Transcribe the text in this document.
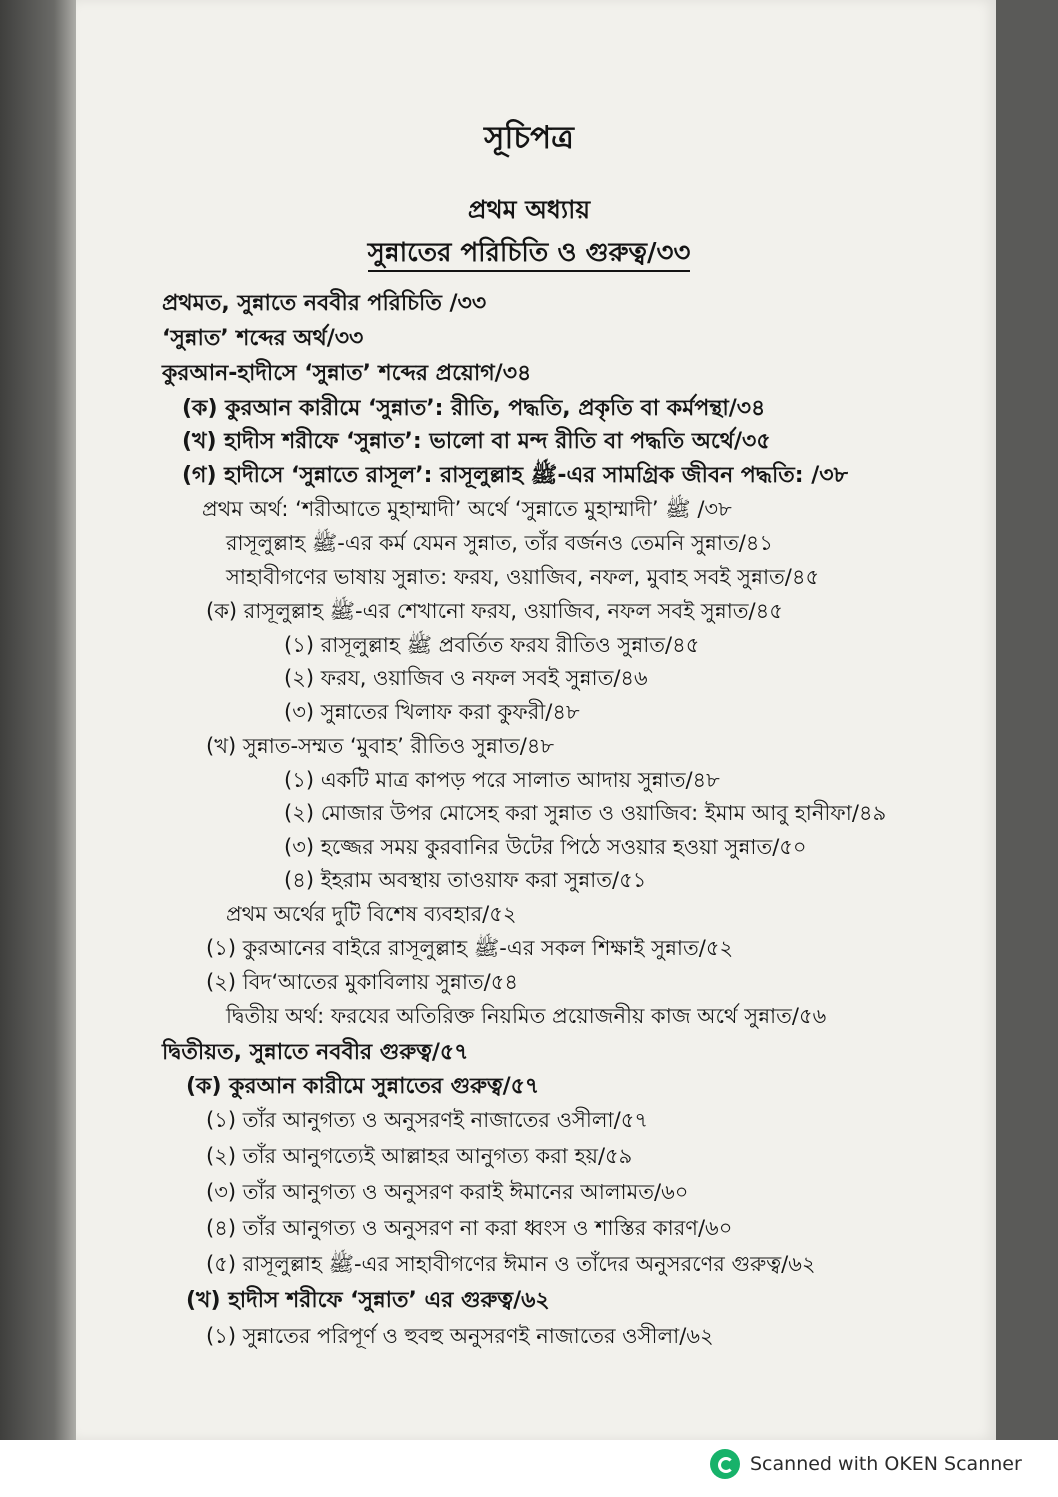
সূচিপত্র
প্রথম অধ্যায়
সুন্নাতের পরিচিতি ও গুরুত্ব/৩৩
প্রথমত, সুন্নাতে নববীর পরিচিতি /৩৩
‘সুন্নাত’ শব্দের অর্থ/৩৩
কুরআন-হাদীসে ‘সুন্নাত’ শব্দের প্রয়োগ/৩৪
(ক) কুরআন কারীমে ‘সুন্নাত’: রীতি, পদ্ধতি, প্রকৃতি বা কর্মপন্থা/৩৪
(খ) হাদীস শরীফে ‘সুন্নাত’: ভালো বা মন্দ রীতি বা পদ্ধতি অর্থে/৩৫
(গ) হাদীসে ‘সুন্নাতে রাসূল’: রাসূলুল্লাহ ﷺ-এর সামগ্রিক জীবন পদ্ধতি: /৩৮
প্রথম অর্থ: ‘শরীআতে মুহাম্মাদী’ অর্থে ‘সুন্নাতে মুহাম্মাদী’ ﷺ /৩৮
রাসূলুল্লাহ ﷺ-এর কর্ম যেমন সুন্নাত, তাঁর বর্জনও তেমনি সুন্নাত/৪১
সাহাবীগণের ভাষায় সুন্নাত: ফরয, ওয়াজিব, নফল, মুবাহ সবই সুন্নাত/৪৫
(ক) রাসূলুল্লাহ ﷺ-এর শেখানো ফরয, ওয়াজিব, নফল সবই সুন্নাত/৪৫
(১) রাসূলুল্লাহ ﷺ প্রবর্তিত ফরয রীতিও সুন্নাত/৪৫
(২) ফরয, ওয়াজিব ও নফল সবই সুন্নাত/৪৬
(৩) সুন্নাতের খিলাফ করা কুফরী/৪৮
(খ) সুন্নাত-সম্মত ‘মুবাহ’ রীতিও সুন্নাত/৪৮
(১) একটি মাত্র কাপড় পরে সালাত আদায় সুন্নাত/৪৮
(২) মোজার উপর মোসেহ করা সুন্নাত ও ওয়াজিব: ইমাম আবু হানীফা/৪৯
(৩) হজ্জের সময় কুরবানির উটের পিঠে সওয়ার হওয়া সুন্নাত/৫০
(৪) ইহরাম অবস্থায় তাওয়াফ করা সুন্নাত/৫১
প্রথম অর্থের দুটি বিশেষ ব্যবহার/৫২
(১) কুরআনের বাইরে রাসূলুল্লাহ ﷺ-এর সকল শিক্ষাই সুন্নাত/৫২
(২) বিদ‘আতের মুকাবিলায় সুন্নাত/৫৪
দ্বিতীয় অর্থ: ফরযের অতিরিক্ত নিয়মিত প্রয়োজনীয় কাজ অর্থে সুন্নাত/৫৬
দ্বিতীয়ত, সুন্নাতে নববীর গুরুত্ব/৫৭
(ক) কুরআন কারীমে সুন্নাতের গুরুত্ব/৫৭
(১) তাঁর আনুগত্য ও অনুসরণই নাজাতের ওসীলা/৫৭
(২) তাঁর আনুগত্যেই আল্লাহর আনুগত্য করা হয়/৫৯
(৩) তাঁর আনুগত্য ও অনুসরণ করাই ঈমানের আলামত/৬০
(৪) তাঁর আনুগত্য ও অনুসরণ না করা ধ্বংস ও শাস্তির কারণ/৬০
(৫) রাসূলুল্লাহ ﷺ-এর সাহাবীগণের ঈমান ও তাঁদের অনুসরণের গুরুত্ব/৬২
(খ) হাদীস শরীফে ‘সুন্নাত’ এর গুরুত্ব/৬২
(১) সুন্নাতের পরিপূর্ণ ও হুবহু অনুসরণই নাজাতের ওসীলা/৬২
Scanned with OKEN Scanner
